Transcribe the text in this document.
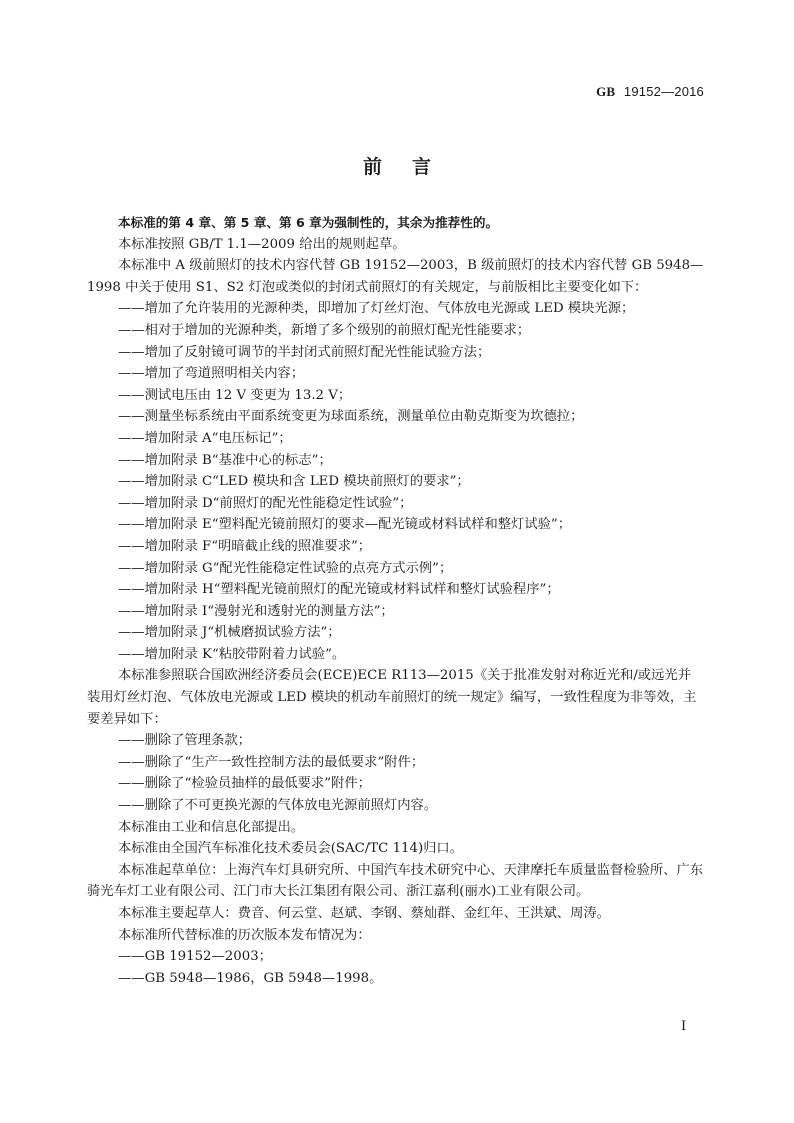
GB 19152—2016
前言
本标准的第 4 章、第 5 章、第 6 章为强制性的，其余为推荐性的。
本标准按照 GB/T 1.1—2009 给出的规则起草。
本标准中 A 级前照灯的技术内容代替 GB 19152—2003，B 级前照灯的技术内容代替 GB 5948—
1998 中关于使用 S1、S2 灯泡或类似的封闭式前照灯的有关规定，与前版相比主要变化如下：
——增加了允许装用的光源种类，即增加了灯丝灯泡、气体放电光源或 LED 模块光源；
——相对于增加的光源种类，新增了多个级别的前照灯配光性能要求；
——增加了反射镜可调节的半封闭式前照灯配光性能试验方法；
——增加了弯道照明相关内容；
——测试电压由 12 V 变更为 13.2 V；
——测量坐标系统由平面系统变更为球面系统，测量单位由勒克斯变为坎德拉；
——增加附录 A“电压标记”；
——增加附录 B“基准中心的标志”；
——增加附录 C“LED 模块和含 LED 模块前照灯的要求”；
——增加附录 D“前照灯的配光性能稳定性试验”；
——增加附录 E“塑料配光镜前照灯的要求—配光镜或材料试样和整灯试验”；
——增加附录 F“明暗截止线的照准要求”；
——增加附录 G“配光性能稳定性试验的点亮方式示例”；
——增加附录 H“塑料配光镜前照灯的配光镜或材料试样和整灯试验程序”；
——增加附录 I“漫射光和透射光的测量方法”；
——增加附录 J“机械磨损试验方法”；
——增加附录 K“粘胶带附着力试验”。
本标准参照联合国欧洲经济委员会(ECE)ECE R113—2015《关于批准发射对称近光和/或远光并
装用灯丝灯泡、气体放电光源或 LED 模块的机动车前照灯的统一规定》编写，一致性程度为非等效，主
要差异如下：
——删除了管理条款；
——删除了“生产一致性控制方法的最低要求”附件；
——删除了“检验员抽样的最低要求”附件；
——删除了不可更换光源的气体放电光源前照灯内容。
本标准由工业和信息化部提出。
本标准由全国汽车标准化技术委员会(SAC/TC 114)归口。
本标准起草单位：上海汽车灯具研究所、中国汽车技术研究中心、天津摩托车质量监督检验所、广东
骑光车灯工业有限公司、江门市大长江集团有限公司、浙江嘉利(丽水)工业有限公司。
本标准主要起草人：费音、何云堂、赵斌、李钢、蔡灿群、金红年、王洪斌、周涛。
本标准所代替标准的历次版本发布情况为：
——GB 19152—2003；
——GB 5948—1986，GB 5948—1998。
I
